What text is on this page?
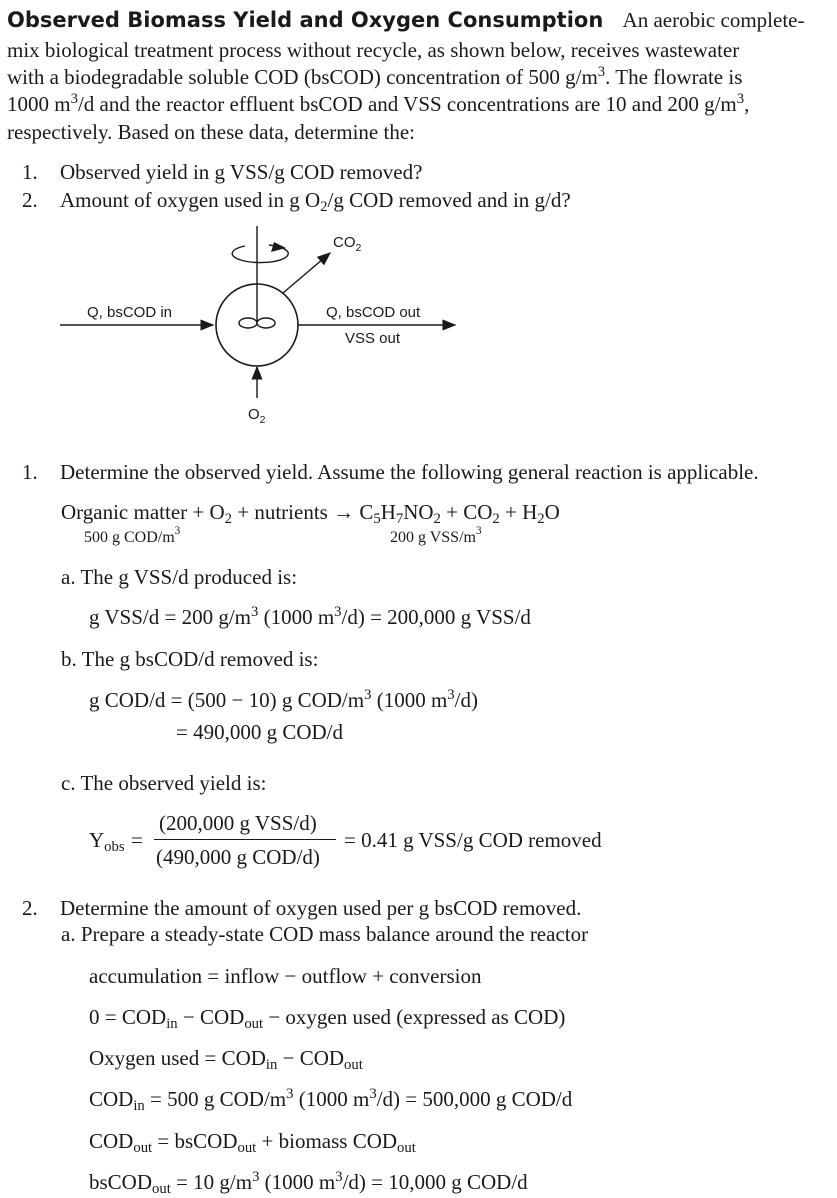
Observed Biomass Yield and Oxygen Consumption An aerobic complete-
mix biological treatment process without recycle, as shown below, receives wastewater
with a biodegradable soluble COD (bsCOD) concentration of 500 $g/m^3$. The flowrate is
1000 $m^3/d$ and the reactor effluent bsCOD and VSS concentrations are 10 and 200 $g/m^3$,
respectively. Based on these data, determine the:
1. Observed yield in g VSS/g COD removed?
2. Amount of oxygen used in g $O_2/g$ COD removed and in g/d?
$CO_2$
Q, bsCOD in	Q, bsCOD out
VSS out
$O_2$
1. Determine the observed yield. Assume the following general reaction is applicable.
Organic matter + $O_2$ + nutrients → $C_5H_7NO_2 + CO_2 + H_2O$
500 g COD/$m^3$	200 g VSS/$m^3$
a. The g VSS/d produced is:
g VSS/d = 200 $g/m^3$ (1000 $m^3/d) = 200,000$ g VSS/d
b. The g bsCOD/d removed is:
g COD/d = (500 − 10) g COD/$m^3$ (1000 $m^3/d$)
= 490,000 g COD/d
c. The observed yield is:
$Y_{obs}$ =
(200,000 g VSS/d)
(490,000 g COD/d)
= 0.41 g VSS/g COD removed
2. Determine the amount of oxygen used per g bsCOD removed.
a. Prepare a steady-state COD mass balance around the reactor
accumulation = inflow − outflow + conversion
$0 = COD_{in} - COD_{out}$ − oxygen used (expressed as COD)
Oxygen used = $COD_{in} - COD_{out}$
$COD_{in} = 500$ g COD/$m^3$ (1000 $m^3/d) = 500,000$ g COD/d
$COD_{out}$ = bsCOD$_{out}$ + biomass $COD_{out}$
bsCOD$_{out}$ = 10 $g/m^3$ (1000 $m^3/d) = 10,000$ g COD/d
